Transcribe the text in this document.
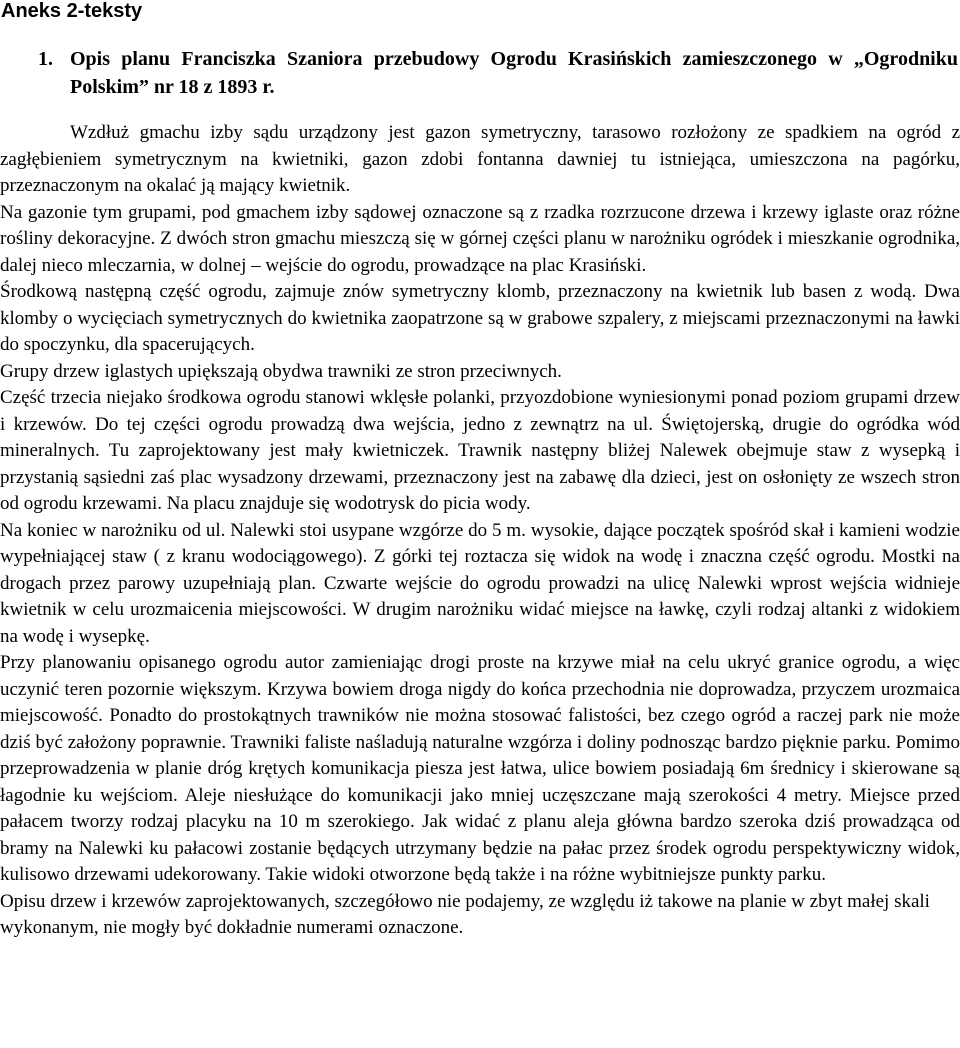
Aneks 2-teksty
1. Opis planu Franciszka Szaniora przebudowy Ogrodu Krasińskich zamieszczonego w „Ogrodniku Polskim” nr 18 z 1893 r.

Wzdłuż gmachu izby sądu urządzony jest gazon symetryczny, tarasowo rozłożony ze spadkiem na ogród z zagłębieniem symetrycznym na kwietniki, gazon zdobi fontanna dawniej tu istniejąca, umieszczona na pagórku, przeznaczonym na okalać ją mający kwietnik.

Na gazonie tym grupami, pod gmachem izby sądowej oznaczone są z rzadka rozrzucone drzewa i krzewy iglaste oraz różne rośliny dekoracyjne. Z dwóch stron gmachu mieszczą się w górnej części planu w narożniku ogródek i mieszkanie ogrodnika, dalej nieco mleczarnia, w dolnej – wejście do ogrodu, prowadzące na plac Krasiński.

Środkową następną część ogrodu, zajmuje znów symetryczny klomb, przeznaczony na kwietnik lub basen z wodą. Dwa klomby o wycięciach symetrycznych do kwietnika zaopatrzone są w grabowe szpalery, z miejscami przeznaczonymi na ławki do spoczynku, dla spacerujących.

Grupy drzew iglastych upiększają obydwa trawniki ze stron przeciwnych.

Część trzecia niejako środkowa ogrodu stanowi wklęsłe polanki, przyozdobione wyniesionymi ponad poziom grupami drzew i krzewów. Do tej części ogrodu prowadzą dwa wejścia, jedno z zewnątrz na ul. Świętojerską, drugie do ogródka wód mineralnych. Tu zaprojektowany jest mały kwietniczek. Trawnik następny bliżej Nalewek obejmuje staw z wysepką i przystanią sąsiedni zaś plac wysadzony drzewami, przeznaczony jest na zabawę dla dzieci, jest on osłonięty ze wszech stron od ogrodu krzewami. Na placu znajduje się wodotrysk do picia wody.

Na koniec w narożniku od ul. Nalewki stoi usypane wzgórze do 5 m. wysokie, dające początek spośród skał i kamieni wodzie wypełniającej staw ( z kranu wodociągowego). Z górki tej roztacza się widok na wodę i znaczna część ogrodu. Mostki na drogach przez parowy uzupełniają plan. Czwarte wejście do ogrodu prowadzi na ulicę Nalewki wprost wejścia widnieje kwietnik w celu urozmaicenia miejscowości. W drugim narożniku widać miejsce na ławkę, czyli rodzaj altanki z widokiem na wodę i wysepkę.

Przy planowaniu opisanego ogrodu autor zamieniając drogi proste na krzywe miał na celu ukryć granice ogrodu, a więc uczynić teren pozornie większym. Krzywa bowiem droga nigdy do końca przechodnia nie doprowadza, przyczem urozmaica miejscowość. Ponadto do prostokątnych trawników nie można stosować falistości, bez czego ogród a raczej park nie może dziś być założony poprawnie. Trawniki faliste naśladują naturalne wzgórza i doliny podnosząc bardzo pięknie parku. Pomimo przeprowadzenia w planie dróg krętych komunikacja piesza jest łatwa, ulice bowiem posiadają 6m średnicy i skierowane są łagodnie ku wejściom. Aleje niesłużące do komunikacji jako mniej uczęszczane mają szerokości 4 metry. Miejsce przed pałacem tworzy rodzaj placyku na 10 m szerokiego. Jak widać z planu aleja główna bardzo szeroka dziś prowadząca od bramy na Nalewki ku pałacowi zostanie będących utrzymany będzie na pałac przez środek ogrodu perspektywiczny widok, kulisowo drzewami udekorowany. Takie widoki otworzone będą także i na różne wybitniejsze punkty parku.

Opisu drzew i krzewów zaprojektowanych, szczegółowo nie podajemy, ze względu iż takowe na planie w zbyt małej skali wykonanym, nie mogły być dokładnie numerami oznaczone.
